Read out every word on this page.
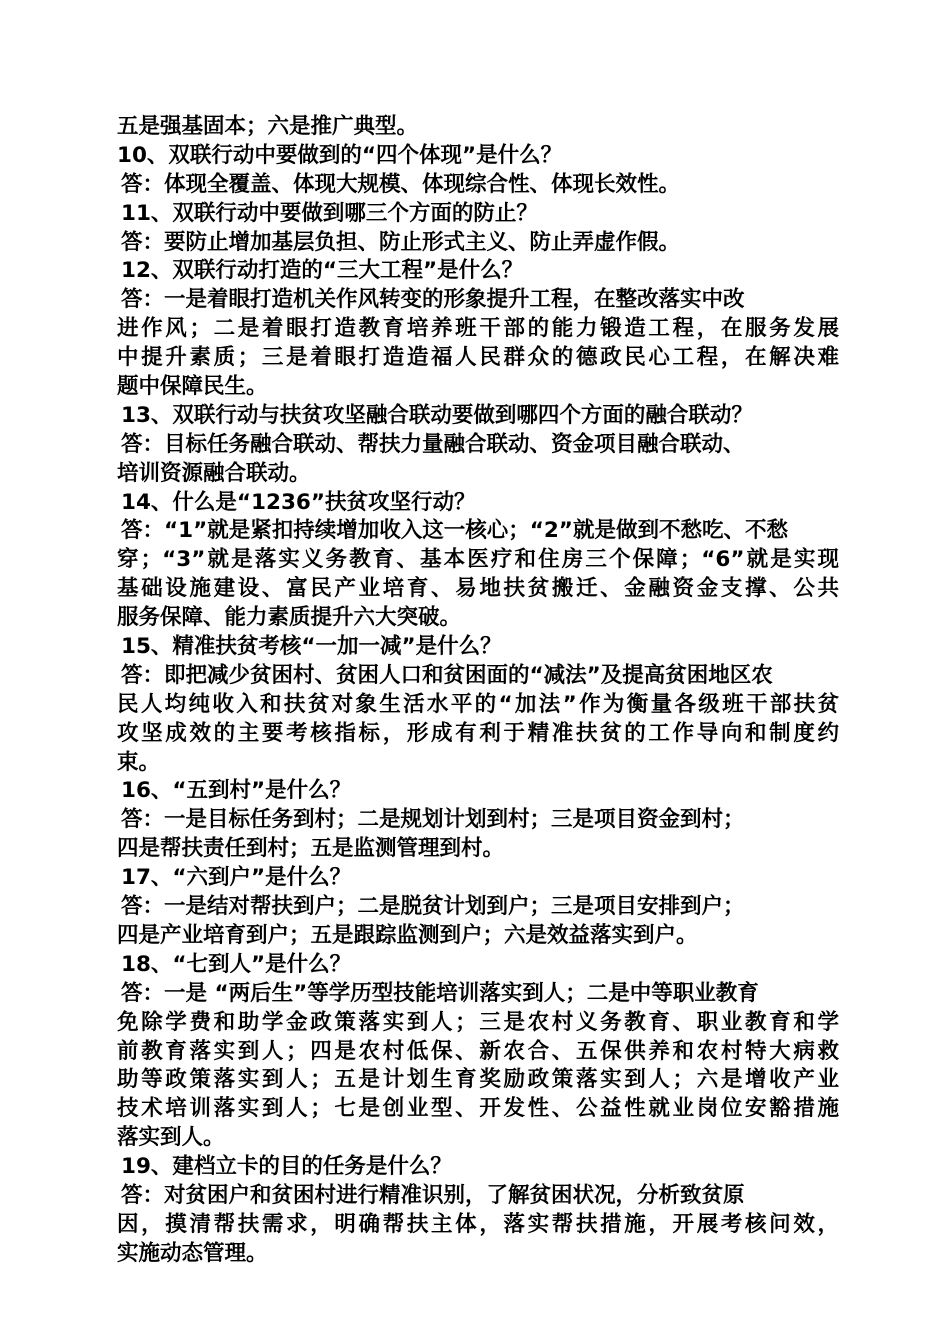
五是强基固本；六是推广典型。
10、双联行动中要做到的“四个体现”是什么？
答：体现全覆盖、体现大规模、体现综合性、体现长效性。
11、双联行动中要做到哪三个方面的防止？
答：要防止增加基层负担、防止形式主义、防止弄虚作假。
12、双联行动打造的“三大工程”是什么？
答：一是着眼打造机关作风转变的形象提升工程，在整改落实中改
进作风；二是着眼打造教育培养班干部的能力锻造工程，在服务发展
中提升素质；三是着眼打造造福人民群众的德政民心工程，在解决难
题中保障民生。
13、双联行动与扶贫攻坚融合联动要做到哪四个方面的融合联动？
答：目标任务融合联动、帮扶力量融合联动、资金项目融合联动、
培训资源融合联动。
14、什么是“1236”扶贫攻坚行动？
答：“1”就是紧扣持续增加收入这一核心；“2”就是做到不愁吃、不愁
穿；“3”就是落实义务教育、基本医疗和住房三个保障；“6”就是实现
基础设施建设、富民产业培育、易地扶贫搬迁、金融资金支撑、公共
服务保障、能力素质提升六大突破。
15、精准扶贫考核“一加一减”是什么？
答：即把减少贫困村、贫困人口和贫困面的“减法”及提高贫困地区农
民人均纯收入和扶贫对象生活水平的“加法”作为衡量各级班干部扶贫
攻坚成效的主要考核指标，形成有利于精准扶贫的工作导向和制度约
束。
16、“五到村”是什么？
答：一是目标任务到村；二是规划计划到村；三是项目资金到村；
四是帮扶责任到村；五是监测管理到村。
17、“六到户”是什么？
答：一是结对帮扶到户；二是脱贫计划到户；三是项目安排到户；
四是产业培育到户；五是跟踪监测到户；六是效益落实到户。
18、“七到人”是什么？
答：一是 “两后生”等学历型技能培训落实到人；二是中等职业教育
免除学费和助学金政策落实到人；三是农村义务教育、职业教育和学
前教育落实到人；四是农村低保、新农合、五保供养和农村特大病救
助等政策落实到人；五是计划生育奖励政策落实到人；六是增收产业
技术培训落实到人；七是创业型、开发性、公益性就业岗位安豁措施
落实到人。
19、建档立卡的目的任务是什么？
答：对贫困户和贫困村进行精准识别，了解贫困状况，分析致贫原
因，摸清帮扶需求，明确帮扶主体，落实帮扶措施，开展考核问效，
实施动态管理。
